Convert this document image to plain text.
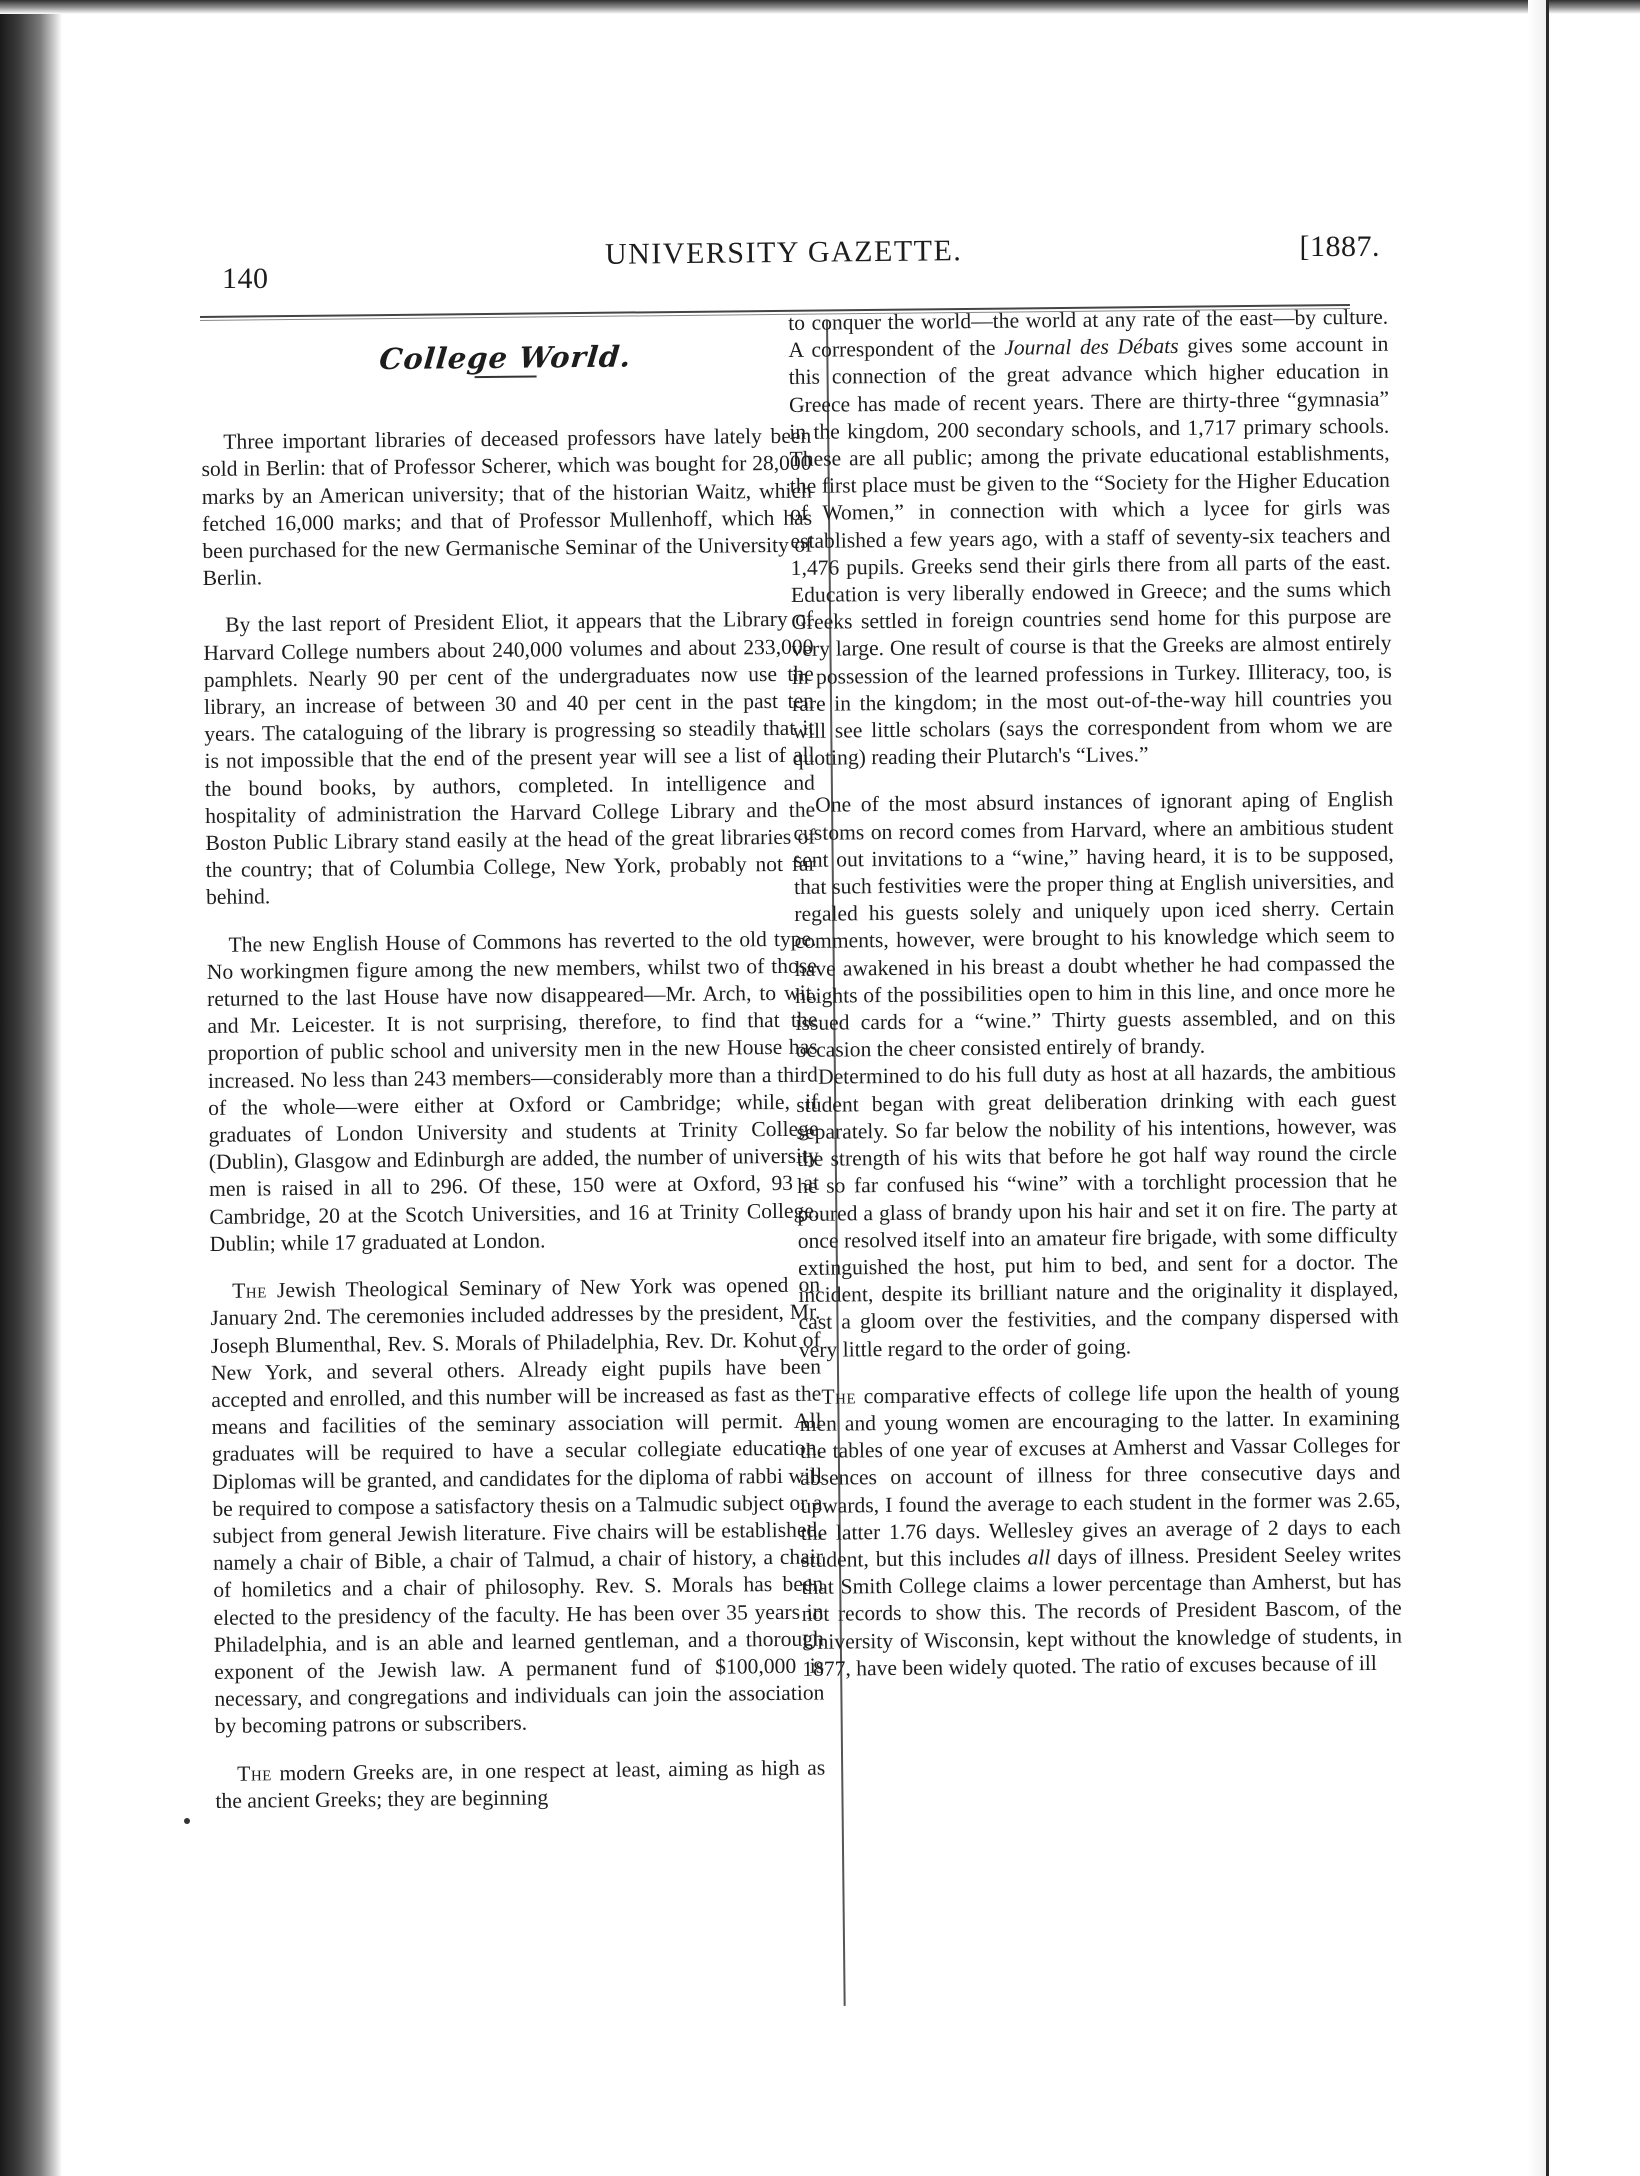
140
UNIVERSITY GAZETTE.	[1887.
College World.

Three important libraries of deceased professors have lately been sold in Berlin: that of Professor Scherer, which was bought for 28,000 marks by an American university; that of the historian Waitz, which fetched 16,000 marks; and that of Professor Mullenhoff, which has been purchased for the new Germanische Seminar of the University of Berlin.

By the last report of President Eliot, it appears that the Library of Harvard College numbers about 240,000 volumes and about 233,000 pamphlets. Nearly 90 per cent of the undergraduates now use the library, an increase of between 30 and 40 per cent in the past ten years. The cataloguing of the library is progressing so steadily that it is not impossible that the end of the present year will see a list of all the bound books, by authors, completed. In intelligence and hospitality of administration the Harvard College Library and the Boston Public Library stand easily at the head of the great libraries of the country; that of Columbia College, New York, probably not far behind.

The new English House of Commons has reverted to the old type. No workingmen figure among the new members, whilst two of those returned to the last House have now disappeared—Mr. Arch, to wit, and Mr. Leicester. It is not surprising, therefore, to find that the proportion of public school and university men in the new House has increased. No less than 243 members—considerably more than a third of the whole—were either at Oxford or Cambridge; while, if graduates of London University and students at Trinity College (Dublin), Glasgow and Edinburgh are added, the number of university men is raised in all to 296. Of these, 150 were at Oxford, 93 at Cambridge, 20 at the Scotch Universities, and 16 at Trinity College, Dublin; while 17 graduated at London.

The Jewish Theological Seminary of New York was opened on January 2nd. The ceremonies included addresses by the president, Mr. Joseph Blumenthal, Rev. S. Morals of Philadelphia, Rev. Dr. Kohut of New York, and several others. Already eight pupils have been accepted and enrolled, and this number will be increased as fast as the means and facilities of the seminary association will permit. All graduates will be required to have a secular collegiate education. Diplomas will be granted, and candidates for the diploma of rabbi will be required to compose a satisfactory thesis on a Talmudic subject or a subject from general Jewish literature. Five chairs will be established, namely a chair of Bible, a chair of Talmud, a chair of history, a chair of homiletics and a chair of philosophy. Rev. S. Morals has been elected to the presidency of the faculty. He has been over 35 years in Philadelphia, and is an able and learned gentleman, and a thorough exponent of the Jewish law. A permanent fund of $100,000 is necessary, and congregations and individuals can join the association by becoming patrons or subscribers.

The modern Greeks are, in one respect at least, aiming as high as the ancient Greeks; they are beginning

to conquer the world—the world at any rate of the east—by culture. A correspondent of the Journal des Débats gives some account in this connection of the great advance which higher education in Greece has made of recent years. There are thirty-three “gymnasia” in the kingdom, 200 secondary schools, and 1,717 primary schools. These are all public; among the private educational establishments, the first place must be given to the “Society for the Higher Education of Women,” in connection with which a lycee for girls was established a few years ago, with a staff of seventy-six teachers and 1,476 pupils. Greeks send their girls there from all parts of the east. Education is very liberally endowed in Greece; and the sums which Greeks settled in foreign countries send home for this purpose are very large. One result of course is that the Greeks are almost entirely in possession of the learned professions in Turkey. Illiteracy, too, is rare in the kingdom; in the most out-of-the-way hill countries you will see little scholars (says the correspondent from whom we are quoting) reading their Plutarch's “Lives.”

One of the most absurd instances of ignorant aping of English customs on record comes from Harvard, where an ambitious student sent out invitations to a “wine,” having heard, it is to be supposed, that such festivities were the proper thing at English universities, and regaled his guests solely and uniquely upon iced sherry. Certain comments, however, were brought to his knowledge which seem to have awakened in his breast a doubt whether he had compassed the heights of the possibilities open to him in this line, and once more he issued cards for a “wine.” Thirty guests assembled, and on this occasion the cheer consisted entirely of brandy.

Determined to do his full duty as host at all hazards, the ambitious student began with great deliberation drinking with each guest separately. So far below the nobility of his intentions, however, was the strength of his wits that before he got half way round the circle he so far confused his “wine” with a torchlight procession that he poured a glass of brandy upon his hair and set it on fire. The party at once resolved itself into an amateur fire brigade, with some difficulty extinguished the host, put him to bed, and sent for a doctor. The incident, despite its brilliant nature and the originality it displayed, cast a gloom over the festivities, and the company dispersed with very little regard to the order of going.

The comparative effects of college life upon the health of young men and young women are encouraging to the latter. In examining the tables of one year of excuses at Amherst and Vassar Colleges for absences on account of illness for three consecutive days and upwards, I found the average to each student in the former was 2.65, the latter 1.76 days. Wellesley gives an average of 2 days to each student, but this includes all days of illness. President Seeley writes that Smith College claims a lower percentage than Amherst, but has not records to show this. The records of President Bascom, of the University of Wisconsin, kept without the knowledge of students, in 1877, have been widely quoted. The ratio of excuses because of ill
